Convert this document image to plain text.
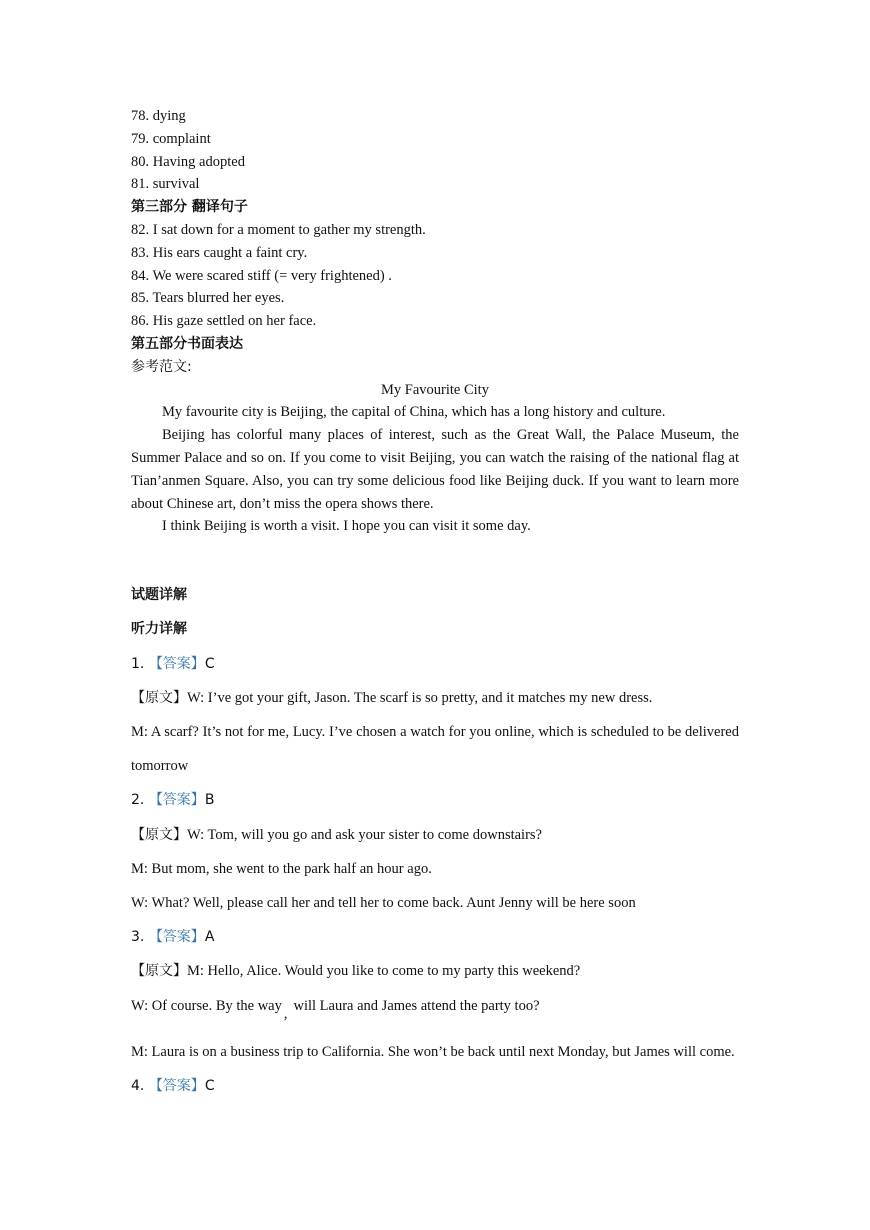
78. dying
79. complaint
80. Having adopted
81. survival
第三部分 翻译句子
82. I sat down for a moment to gather my strength.
83. His ears caught a faint cry.
84. We were scared stiff (= very frightened) .
85. Tears blurred her eyes.
86. His gaze settled on her face.
第五部分书面表达
参考范文:
My Favourite City
My favourite city is Beijing, the capital of China, which has a long history and culture.
Beijing has colorful many places of interest, such as the Great Wall, the Palace Museum, the Summer Palace and so on. If you come to visit Beijing, you can watch the raising of the national flag at Tian’anmen Square. Also, you can try some delicious food like Beijing duck. If you want to learn more about Chinese art, don’t miss the opera shows there.
I think Beijing is worth a visit. I hope you can visit it some day.
试题详解
听力详解
1. 【答案】C
【原文】W: I’ve got your gift, Jason. The scarf is so pretty, and it matches my new dress.
M: A scarf? It’s not for me, Lucy. I’ve chosen a watch for you online, which is scheduled to be delivered tomorrow
2. 【答案】B
【原文】W: Tom, will you go and ask your sister to come downstairs?
M: But mom, she went to the park half an hour ago.
W: What? Well, please call her and tell her to come back. Aunt Jenny will be here soon
3. 【答案】A
【原文】M: Hello, Alice. Would you like to come to my party this weekend?
W: Of course. By the way , will Laura and James attend the party too?
M: Laura is on a business trip to California. She won’t be back until next Monday, but James will come.
4. 【答案】C
